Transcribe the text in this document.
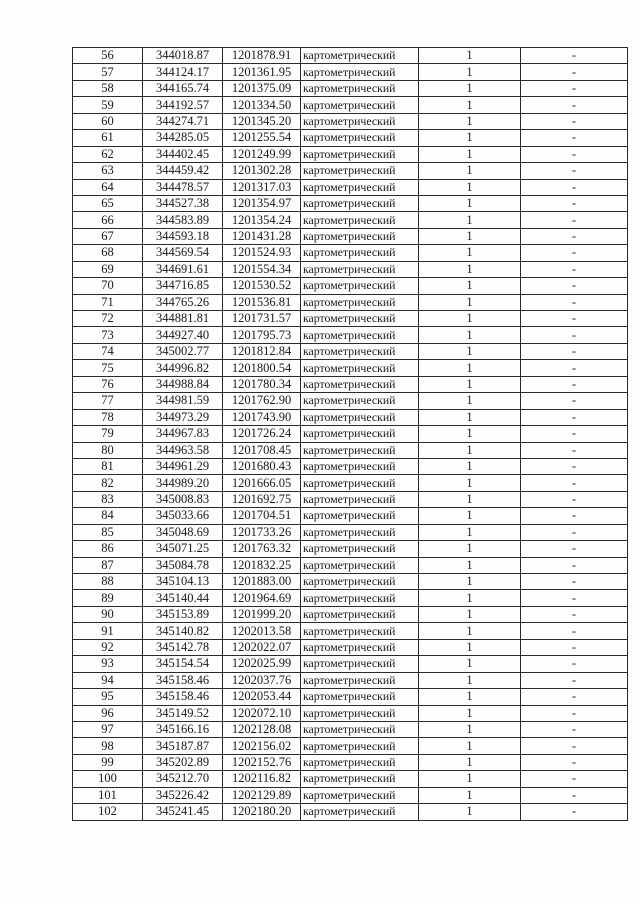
56	344018.87	1201878.91	картометрический	1	-
57	344124.17	1201361.95	картометрический	1	-
58	344165.74	1201375.09	картометрический	1	-
59	344192.57	1201334.50	картометрический	1	-
60	344274.71	1201345.20	картометрический	1	-
61	344285.05	1201255.54	картометрический	1	-
62	344402.45	1201249.99	картометрический	1	-
63	344459.42	1201302.28	картометрический	1	-
64	344478.57	1201317.03	картометрический	1	-
65	344527.38	1201354.97	картометрический	1	-
66	344583.89	1201354.24	картометрический	1	-
67	344593.18	1201431.28	картометрический	1	-
68	344569.54	1201524.93	картометрический	1	-
69	344691.61	1201554.34	картометрический	1	-
70	344716.85	1201530.52	картометрический	1	-
71	344765.26	1201536.81	картометрический	1	-
72	344881.81	1201731.57	картометрический	1	-
73	344927.40	1201795.73	картометрический	1	-
74	345002.77	1201812.84	картометрический	1	-
75	344996.82	1201800.54	картометрический	1	-
76	344988.84	1201780.34	картометрический	1	-
77	344981.59	1201762.90	картометрический	1	-
78	344973.29	1201743.90	картометрический	1	-
79	344967.83	1201726.24	картометрический	1	-
80	344963.58	1201708.45	картометрический	1	-
81	344961.29	1201680.43	картометрический	1	-
82	344989.20	1201666.05	картометрический	1	-
83	345008.83	1201692.75	картометрический	1	-
84	345033.66	1201704.51	картометрический	1	-
85	345048.69	1201733.26	картометрический	1	-
86	345071.25	1201763.32	картометрический	1	-
87	345084.78	1201832.25	картометрический	1	-
88	345104.13	1201883.00	картометрический	1	-
89	345140.44	1201964.69	картометрический	1	-
90	345153.89	1201999.20	картометрический	1	-
91	345140.82	1202013.58	картометрический	1	-
92	345142.78	1202022.07	картометрический	1	-
93	345154.54	1202025.99	картометрический	1	-
94	345158.46	1202037.76	картометрический	1	-
95	345158.46	1202053.44	картометрический	1	-
96	345149.52	1202072.10	картометрический	1	-
97	345166.16	1202128.08	картометрический	1	-
98	345187.87	1202156.02	картометрический	1	-
99	345202.89	1202152.76	картометрический	1	-
100	345212.70	1202116.82	картометрический	1	-
101	345226.42	1202129.89	картометрический	1	-
102	345241.45	1202180.20	картометрический	1	-
